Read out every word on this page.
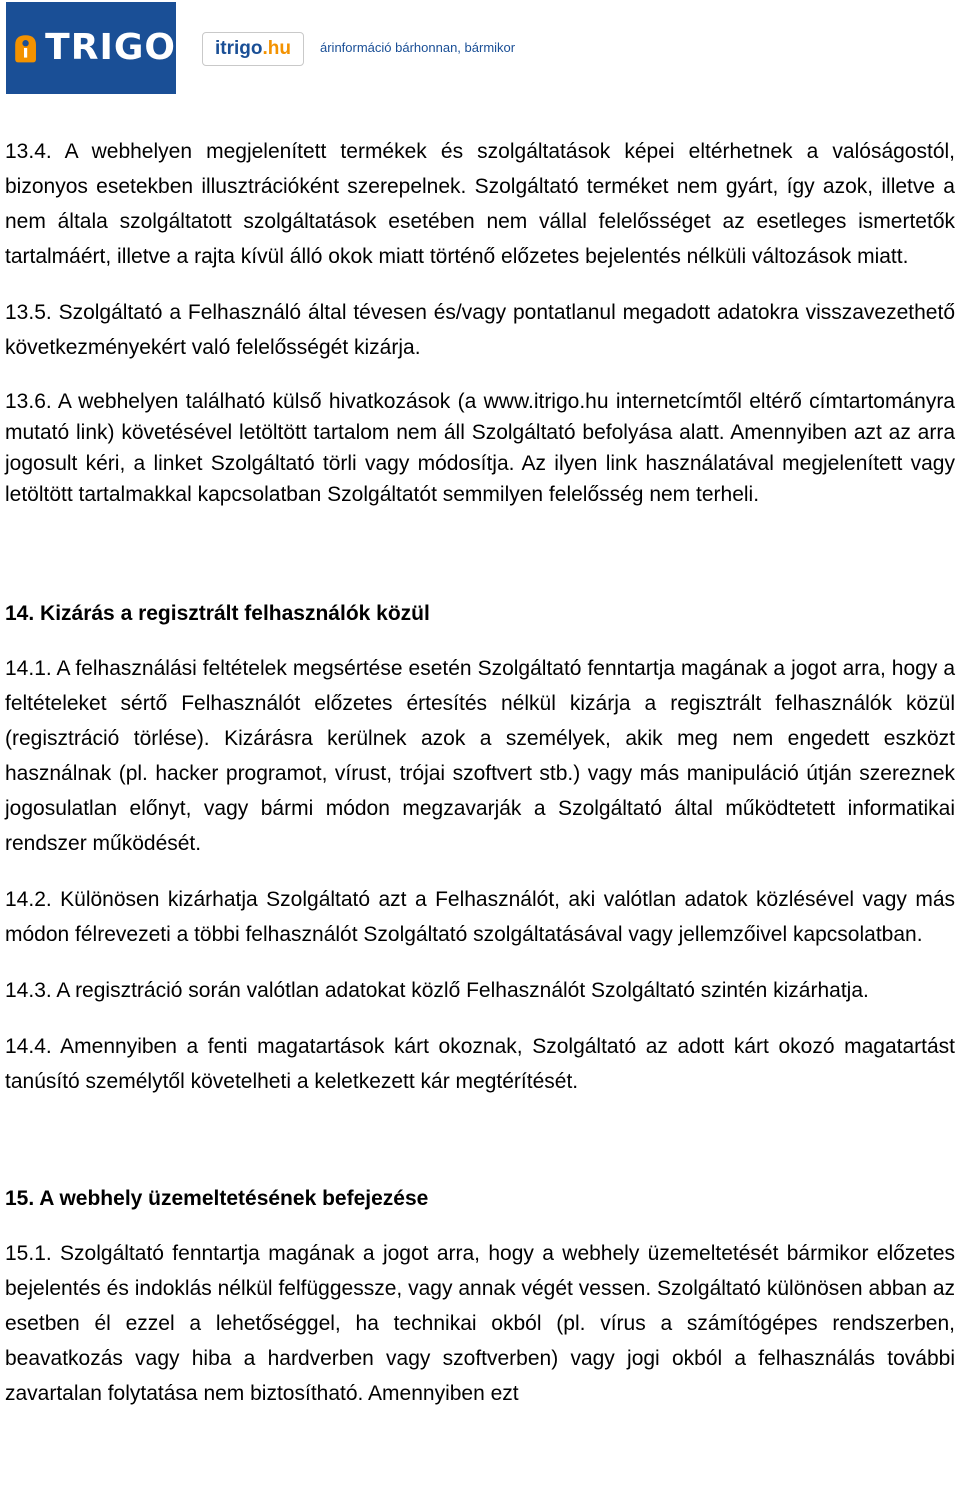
TRIGO itrigo .hu árinformáció bárhonnan, bármikor

13.4. A webhelyen megjelenített termékek és szolgáltatások képei eltérhetnek a valóságostól, bizonyos esetekben illusztrációként szerepelnek. Szolgáltató terméket nem gyárt, így azok, illetve a nem általa szolgáltatott szolgáltatások esetében nem vállal felelősséget az esetleges ismertetők tartalmáért, illetve a rajta kívül álló okok miatt történő előzetes bejelentés nélküli változások miatt.

13.5. Szolgáltató a Felhasználó által tévesen és/vagy pontatlanul megadott adatokra visszavezethető következményekért való felelősségét kizárja.

13.6. A webhelyen található külső hivatkozások (a www.itrigo.hu internetcímtől eltérő címtartományra mutató link) követésével letöltött tartalom nem áll Szolgáltató befolyása alatt. Amennyiben azt az arra jogosult kéri, a linket Szolgáltató törli vagy módosítja. Az ilyen link használatával megjelenített vagy letöltött tartalmakkal kapcsolatban Szolgáltatót semmilyen felelősség nem terheli.

14. Kizárás a regisztrált felhasználók közül

14.1. A felhasználási feltételek megsértése esetén Szolgáltató fenntartja magának a jogot arra, hogy a feltételeket sértő Felhasználót előzetes értesítés nélkül kizárja a regisztrált felhasználók közül (regisztráció törlése). Kizárásra kerülnek azok a személyek, akik meg nem engedett eszközt használnak (pl. hacker programot, vírust, trójai szoftvert stb.) vagy más manipuláció útján szereznek jogosulatlan előnyt, vagy bármi módon megzavarják a Szolgáltató által működtetett informatikai rendszer működését.

14.2. Különösen kizárhatja Szolgáltató azt a Felhasználót, aki valótlan adatok közlésével vagy más módon félrevezeti a többi felhasználót Szolgáltató szolgáltatásával vagy jellemzőivel kapcsolatban.

14.3. A regisztráció során valótlan adatokat közlő Felhasználót Szolgáltató szintén kizárhatja.

14.4. Amennyiben a fenti magatartások kárt okoznak, Szolgáltató az adott kárt okozó magatartást tanúsító személytől követelheti a keletkezett kár megtérítését.

15. A webhely üzemeltetésének befejezése

15.1. Szolgáltató fenntartja magának a jogot arra, hogy a webhely üzemeltetését bármikor előzetes bejelentés és indoklás nélkül felfüggessze, vagy annak végét vessen. Szolgáltató különösen abban az esetben él ezzel a lehetőséggel, ha technikai okból (pl. vírus a számítógépes rendszerben, beavatkozás vagy hiba a hardverben vagy szoftverben) vagy jogi okból a felhasználás további zavartalan folytatása nem biztosítható. Amennyiben ezt
